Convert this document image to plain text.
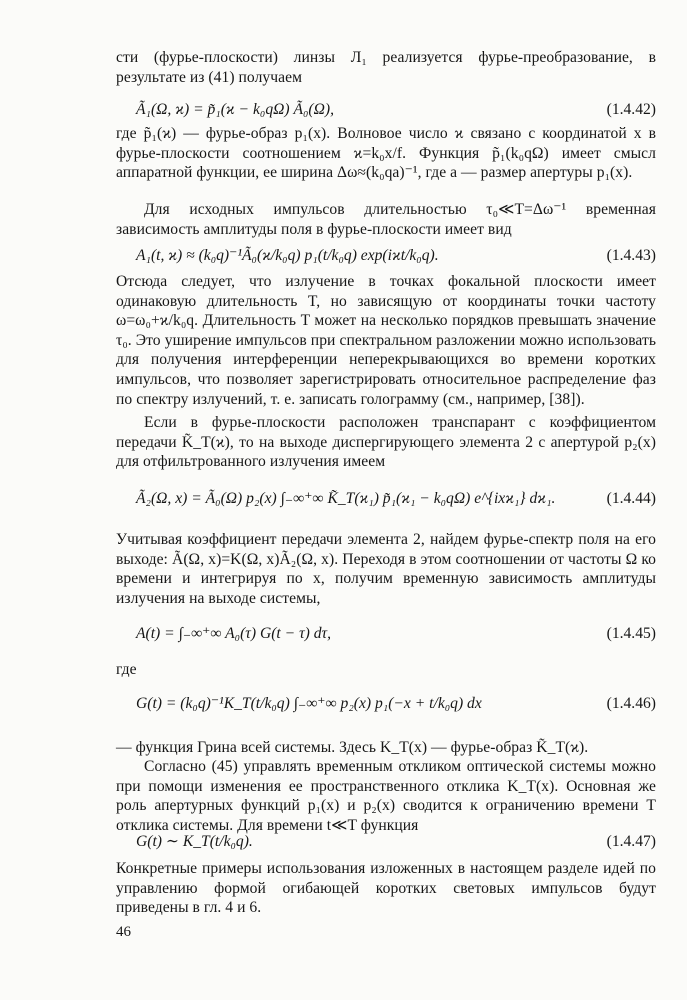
сти (фурье-плоскости) линзы Л₁ реализуется фурье-преобразование, в результате из (41) получаем

Ã₁(Ω, ϰ) = p̃₁(ϰ − k₀qΩ) Ã₀(Ω),	(1.4.42)

где p̃₁(ϰ) — фурье-образ p₁(x). Волновое число ϰ связано с координатой x в фурье-плоскости соотношением ϰ=k₀x/f. Функция p̃₁(k₀qΩ) имеет смысл аппаратной функции, ее ширина Δω≈(k₀qa)⁻¹, где a — размер апертуры p₁(x).

Для исходных импульсов длительностью τ₀≪T=Δω⁻¹ временная зависимость амплитуды поля в фурье-плоскости имеет вид

A₁(t, ϰ) ≈ (k₀q)⁻¹Ã₀(ϰ/k₀q) p₁(t/k₀q) exp(iϰt/k₀q).	(1.4.43)

Отсюда следует, что излучение в точках фокальной плоскости имеет одинаковую длительность T, но зависящую от координаты точки частоту ω=ω₀+ϰ/k₀q. Длительность T может на несколько порядков превышать значение τ₀. Это уширение импульсов при спектральном разложении можно использовать для получения интерференции неперекрывающихся во времени коротких импульсов, что позволяет зарегистрировать относительное распределение фаз по спектру излучений, т. е. записать голограмму (см., например, [38]).

Если в фурье-плоскости расположен транспарант с коэффициентом передачи K̃_T(ϰ), то на выходе диспергирующего элемента 2 с апертурой p₂(x) для отфильтрованного излучения имеем

Ã₂(Ω, x) = Ã₀(Ω) p₂(x) ∫₋∞⁺∞ K̃_T(ϰ₁) p̃₁(ϰ₁ − k₀qΩ) e^{ixϰ₁} dϰ₁.	(1.4.44)

Учитывая коэффициент передачи элемента 2, найдем фурье-спектр поля на его выходе: Ã(Ω, x)=K(Ω, x)Ã₂(Ω, x). Переходя в этом соотношении от частоты Ω ко времени и интегрируя по x, получим временную зависимость амплитуды излучения на выходе системы,

A(t) = ∫₋∞⁺∞ A₀(τ) G(t − τ) dτ,	(1.4.45)

где

G(t) = (k₀q)⁻¹K_T(t/k₀q) ∫₋∞⁺∞ p₂(x) p₁(−x + t/k₀q) dx	(1.4.46)

— функция Грина всей системы. Здесь K_T(x) — фурье-образ K̃_T(ϰ).

Согласно (45) управлять временным откликом оптической системы можно при помощи изменения ее пространственного отклика K_T(x). Основная же роль апертурных функций p₁(x) и p₂(x) сводится к ограничению времени T отклика системы. Для времени t≪T функция

G(t) ∼ K_T(t/k₀q).	(1.4.47)

Конкретные примеры использования изложенных в настоящем разделе идей по управлению формой огибающей коротких световых импульсов будут приведены в гл. 4 и 6.

46
